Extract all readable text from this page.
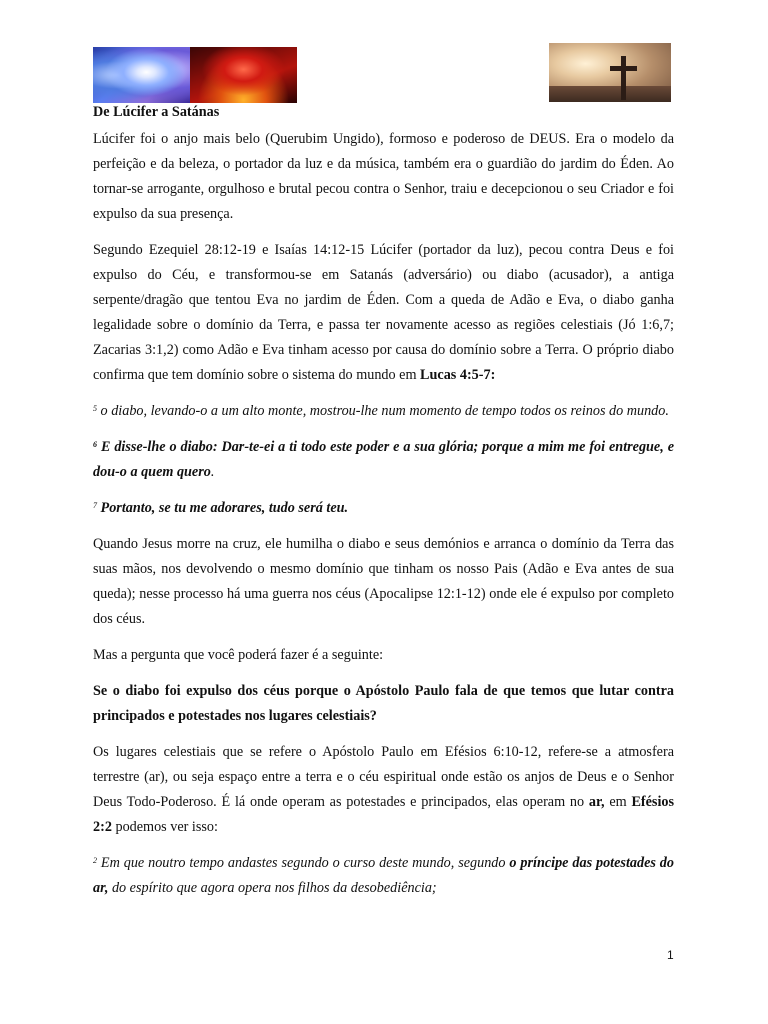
De Lúcifer a Satánas

Lúcifer foi o anjo mais belo (Querubim Ungido), formoso e poderoso de DEUS. Era o modelo da perfeição e da beleza, o portador da luz e da música, também era o guardião do jardim do Éden. Ao tornar-se arrogante, orgulhoso e brutal pecou contra o Senhor, traiu e decepcionou o seu Criador e foi expulso da sua presença.

Segundo Ezequiel 28:12-19 e Isaías 14:12-15 Lúcifer (portador da luz), pecou contra Deus e foi expulso do Céu, e transformou-se em Satanás (adversário) ou diabo (acusador), a antiga serpente/dragão que tentou Eva no jardim de Éden. Com a queda de Adão e Eva, o diabo ganha legalidade sobre o domínio da Terra, e passa ter novamente acesso as regiões celestiais (Jó 1:6,7; Zacarias 3:1,2) como Adão e Eva tinham acesso por causa do domínio sobre a Terra. O próprio diabo confirma que tem domínio sobre o sistema do mundo em Lucas 4:5-7:

$^5$ o diabo, levando-o a um alto monte, mostrou-lhe num momento de tempo todos os reinos do mundo.

$^6$ E disse-lhe o diabo: Dar-te-ei a ti todo este poder e a sua glória; porque a mim me foi entregue, e dou-o a quem quero.

$^7$ Portanto, se tu me adorares, tudo será teu.

Quando Jesus morre na cruz, ele humilha o diabo e seus demónios e arranca o domínio da Terra das suas mãos, nos devolvendo o mesmo domínio que tinham os nosso Pais (Adão e Eva antes de sua queda); nesse processo há uma guerra nos céus (Apocalipse 12:1-12) onde ele é expulso por completo dos céus.

Mas a pergunta que você poderá fazer é a seguinte:

Se o diabo foi expulso dos céus porque o Apóstolo Paulo fala de que temos que lutar contra principados e potestades nos lugares celestiais?

Os lugares celestiais que se refere o Apóstolo Paulo em Efésios 6:10-12, refere-se a atmosfera terrestre (ar), ou seja espaço entre a terra e o céu espiritual onde estão os anjos de Deus e o Senhor Deus Todo-Poderoso. É lá onde operam as potestades e principados, elas operam no ar, em Efésios 2:2 podemos ver isso:

$^2$ Em que noutro tempo andastes segundo o curso deste mundo, segundo o príncipe das potestades do ar, do espírito que agora opera nos filhos da desobediência;

1
